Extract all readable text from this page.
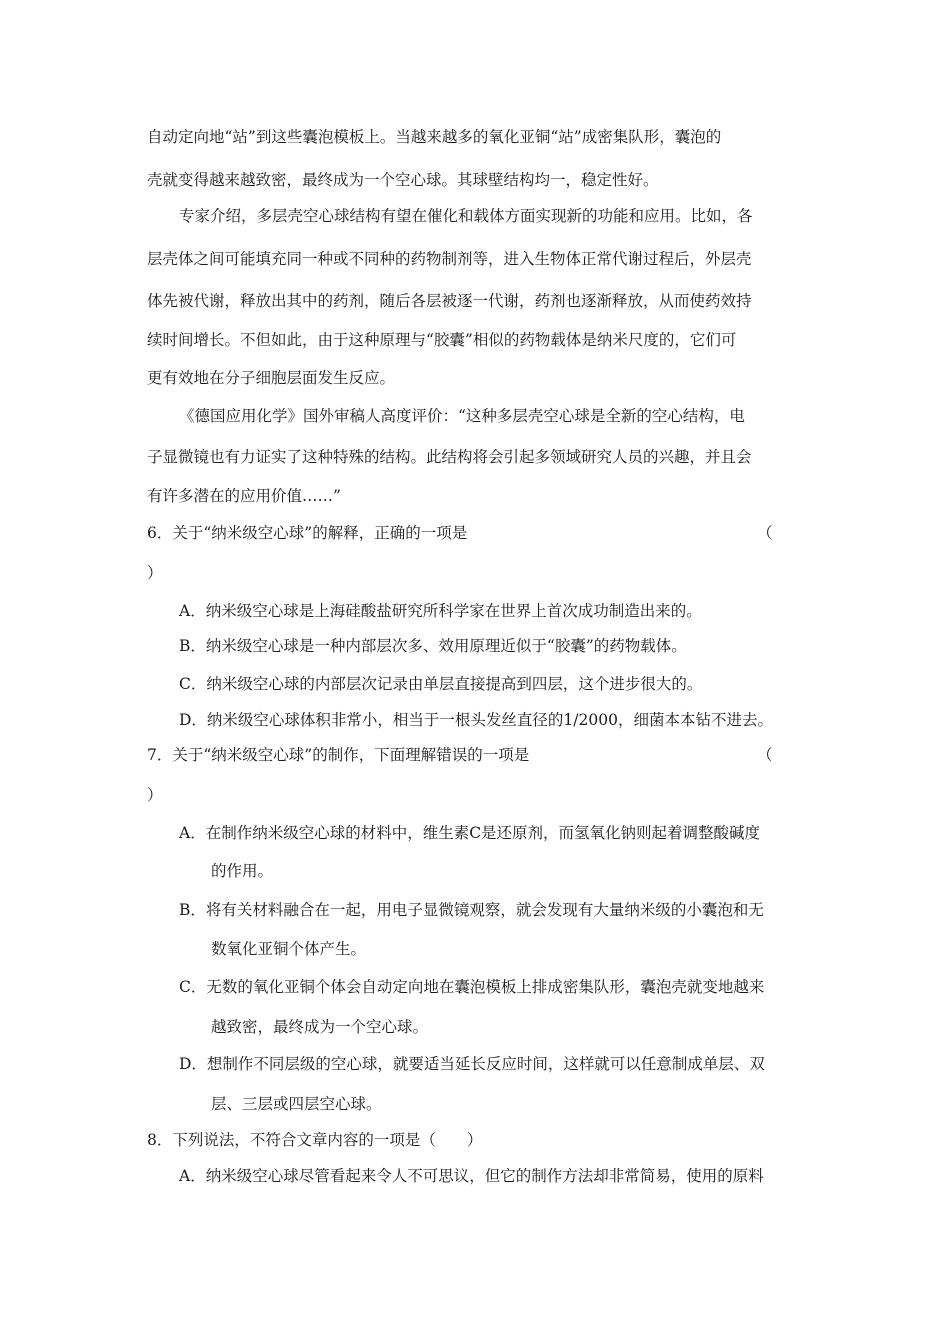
自动定向地“站”到这些囊泡模板上。当越来越多的氧化亚铜“站”成密集队形，囊泡的
壳就变得越来越致密，最终成为一个空心球。其球壁结构均一，稳定性好。
专家介绍，多层壳空心球结构有望在催化和载体方面实现新的功能和应用。比如，各
层壳体之间可能填充同一种或不同种的药物制剂等，进入生物体正常代谢过程后，外层壳
体先被代谢，释放出其中的药剂，随后各层被逐一代谢，药剂也逐渐释放，从而使药效持
续时间增长。不但如此，由于这种原理与“胶囊”相似的药物载体是纳米尺度的，它们可
更有效地在分子细胞层面发生反应。
《德国应用化学》国外审稿人高度评价：“这种多层壳空心球是全新的空心结构，电
子显微镜也有力证实了这种特殊的结构。此结构将会引起多领域研究人员的兴趣，并且会
有许多潜在的应用价值……”
6．关于“纳米级空心球”的解释，正确的一项是	（
）
A．纳米级空心球是上海硅酸盐研究所科学家在世界上首次成功制造出来的。
B．纳米级空心球是一种内部层次多、效用原理近似于“胶囊”的药物载体。
C．纳米级空心球的内部层次记录由单层直接提高到四层，这个进步很大的。
D．纳米级空心球体积非常小，相当于一根头发丝直径的1/2000，细菌本本钻不进去。
7．关于“纳米级空心球”的制作，下面理解错误的一项是	（
）
A．在制作纳米级空心球的材料中，维生素C是还原剂，而氢氧化钠则起着调整酸碱度
的作用。
B．将有关材料融合在一起，用电子显微镜观察，就会发现有大量纳米级的小囊泡和无
数氧化亚铜个体产生。
C．无数的氧化亚铜个体会自动定向地在囊泡模板上排成密集队形，囊泡壳就变地越来
越致密，最终成为一个空心球。
D．想制作不同层级的空心球，就要适当延长反应时间，这样就可以任意制成单层、双
层、三层或四层空心球。
8．下列说法，不符合文章内容的一项是（　　）
A．纳米级空心球尽管看起来令人不可思议，但它的制作方法却非常简易，使用的原料
